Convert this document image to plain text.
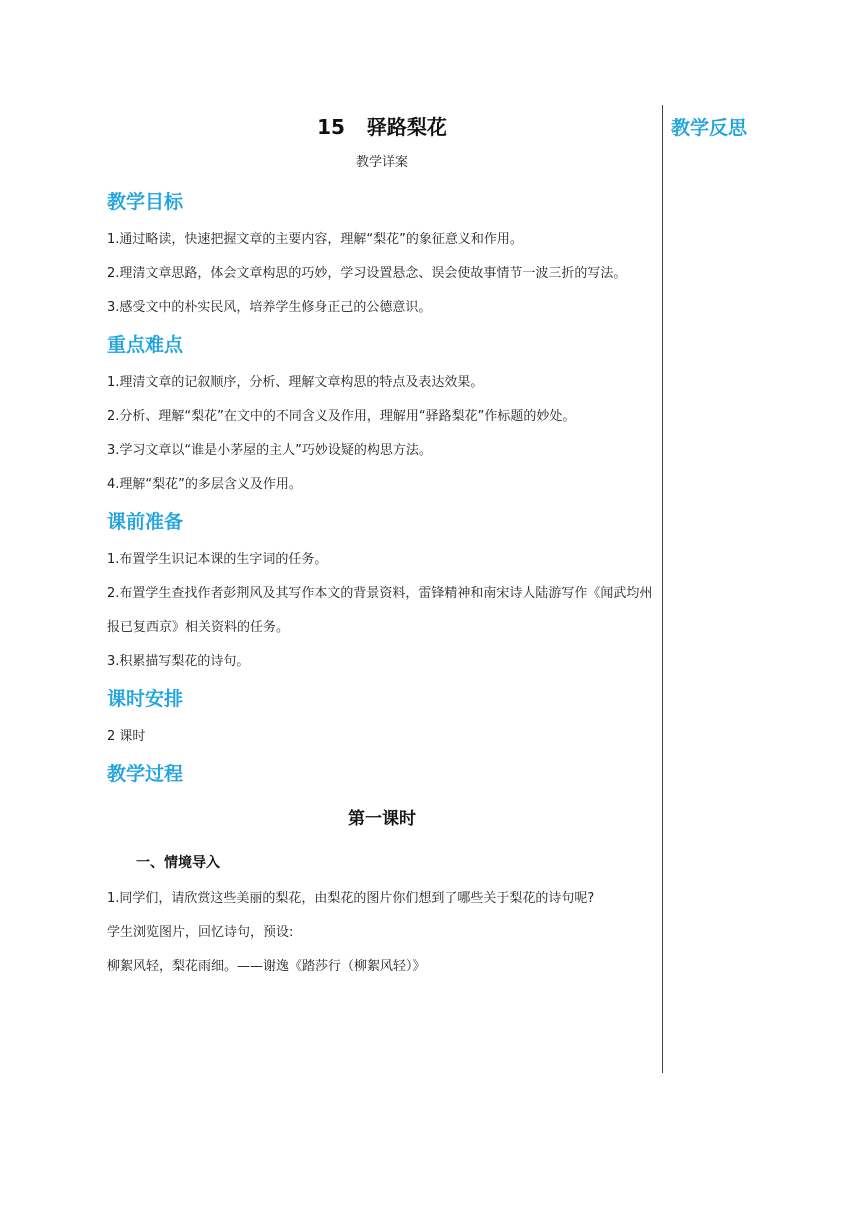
教学反思
15 驿路梨花
教学详案
教学目标
1.通过略读，快速把握文章的主要内容，理解“梨花”的象征意义和作用。
2.理清文章思路，体会文章构思的巧妙，学习设置悬念、误会使故事情节一波三折的写法。
3.感受文中的朴实民风，培养学生修身正己的公德意识。
重点难点
1.理清文章的记叙顺序，分析、理解文章构思的特点及表达效果。
2.分析、理解“梨花”在文中的不同含义及作用，理解用“驿路梨花”作标题的妙处。
3.学习文章以“谁是小茅屋的主人”巧妙设疑的构思方法。
4.理解“梨花”的多层含义及作用。
课前准备
1.布置学生识记本课的生字词的任务。
2.布置学生查找作者彭荆风及其写作本文的背景资料，雷锋精神和南宋诗人陆游写作《闻武均州报已复西京》相关资料的任务。
3.积累描写梨花的诗句。
课时安排
2 课时
教学过程
第一课时
一、情境导入
1.同学们，请欣赏这些美丽的梨花，由梨花的图片你们想到了哪些关于梨花的诗句呢?
学生浏览图片，回忆诗句，预设:
柳絮风轻，梨花雨细。——谢逸《踏莎行（柳絮风轻）》
